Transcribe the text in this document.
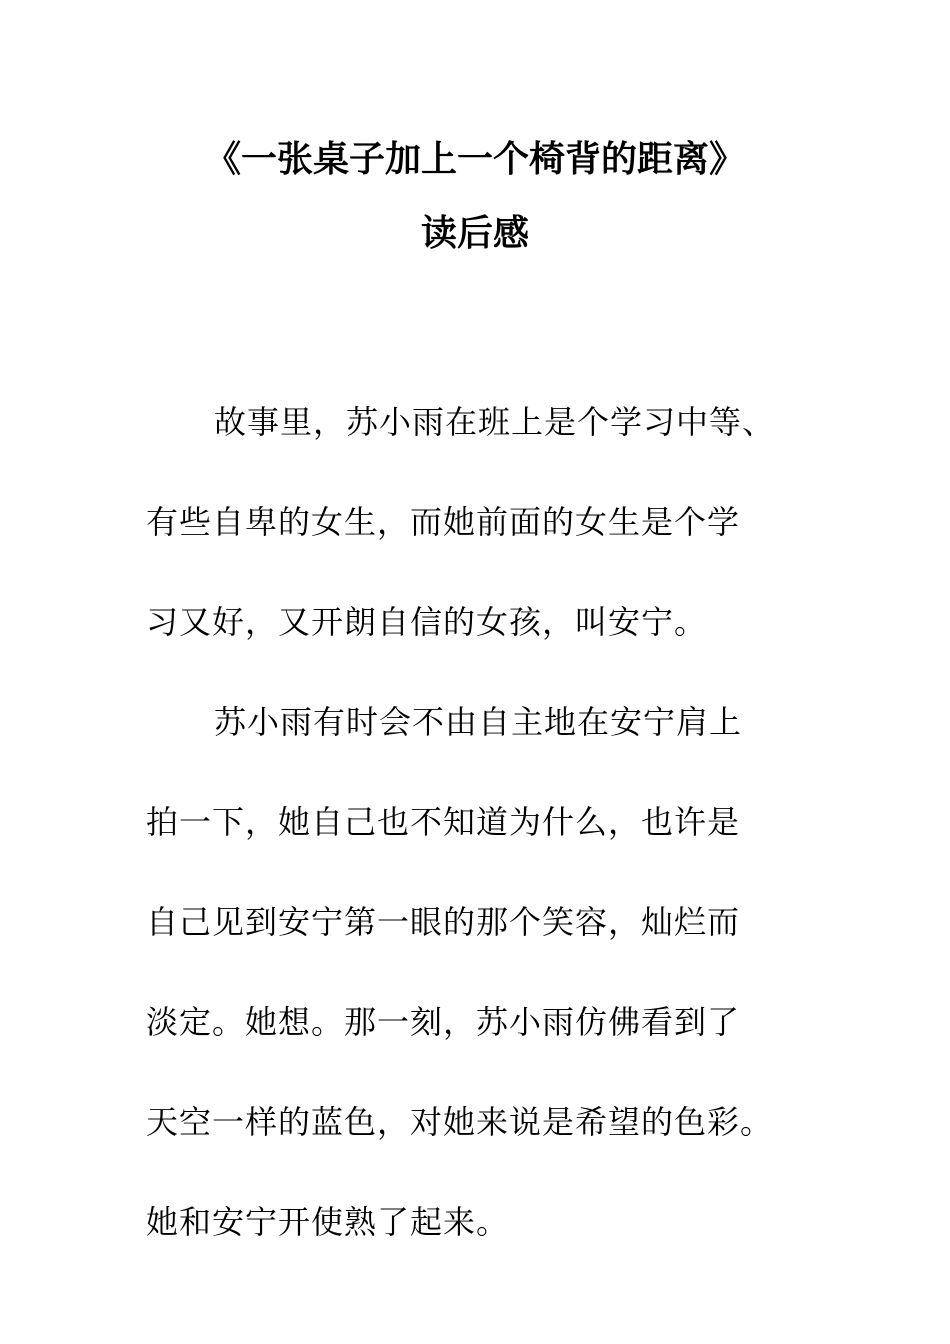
《一张桌子加上一个椅背的距离》
读后感
故事里，苏小雨在班上是个学习中等、
有些自卑的女生，而她前面的女生是个学
习又好，又开朗自信的女孩，叫安宁。
苏小雨有时会不由自主地在安宁肩上
拍一下，她自己也不知道为什么，也许是
自己见到安宁第一眼的那个笑容，灿烂而
淡定。她想。那一刻，苏小雨仿佛看到了
天空一样的蓝色，对她来说是希望的色彩。
她和安宁开使熟了起来。
